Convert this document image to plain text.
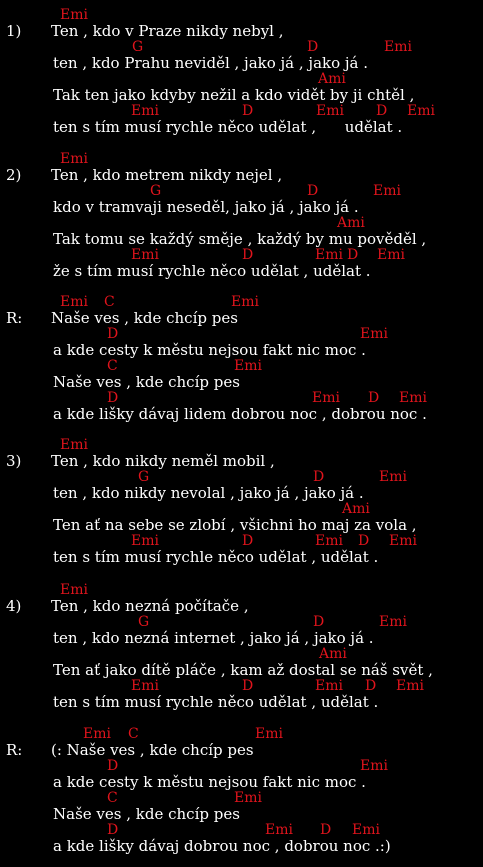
Emi
Ten , kdo v Praze nikdy nebyl ,
1)
G	D	Emi
ten , kdo Prahu neviděl , jako já , jako já .
Ami
Tak ten jako kdyby nežil a kdo vidět by ji chtěl ,
Emi	D	Emi D Emi
ten s tím musí rychle něco udělat ,      udělat .
Emi
Ten , kdo metrem nikdy nejel ,
2)
G	D	Emi
kdo v tramvaji neseděl, jako já , jako já .
Ami
Tak tomu se každý směje , každý by mu pověděl ,
Emi	D	Emi D Emi
že s tím musí rychle něco udělat , udělat .
Emi C	Emi
Naše ves , kde chcíp pes
R:
D	Emi
a kde cesty k městu nejsou fakt nic moc .
C	Emi
Naše ves , kde chcíp pes
D	Emi D Emi
a kde lišky dávaj lidem dobrou noc , dobrou noc .
Emi
Ten , kdo nikdy neměl mobil ,
3)
G	D	Emi
ten , kdo nikdy nevolal , jako já , jako já .
Ami
Ten ať na sebe se zlobí , všichni ho maj za vola ,
Emi	D	Emi D Emi
ten s tím musí rychle něco udělat , udělat .
Emi
Ten , kdo nezná počítače ,
4)
G	D	Emi
ten , kdo nezná internet , jako já , jako já .
Ami
Ten ať jako dítě pláče , kam až dostal se náš svět ,
Emi	D	Emi D Emi
ten s tím musí rychle něco udělat , udělat .
Emi C	Emi
(: Naše ves , kde chcíp pes
R:
D	Emi
a kde cesty k městu nejsou fakt nic moc .
C	Emi
Naše ves , kde chcíp pes
D	Emi D Emi
a kde lišky dávaj dobrou noc , dobrou noc .:)
